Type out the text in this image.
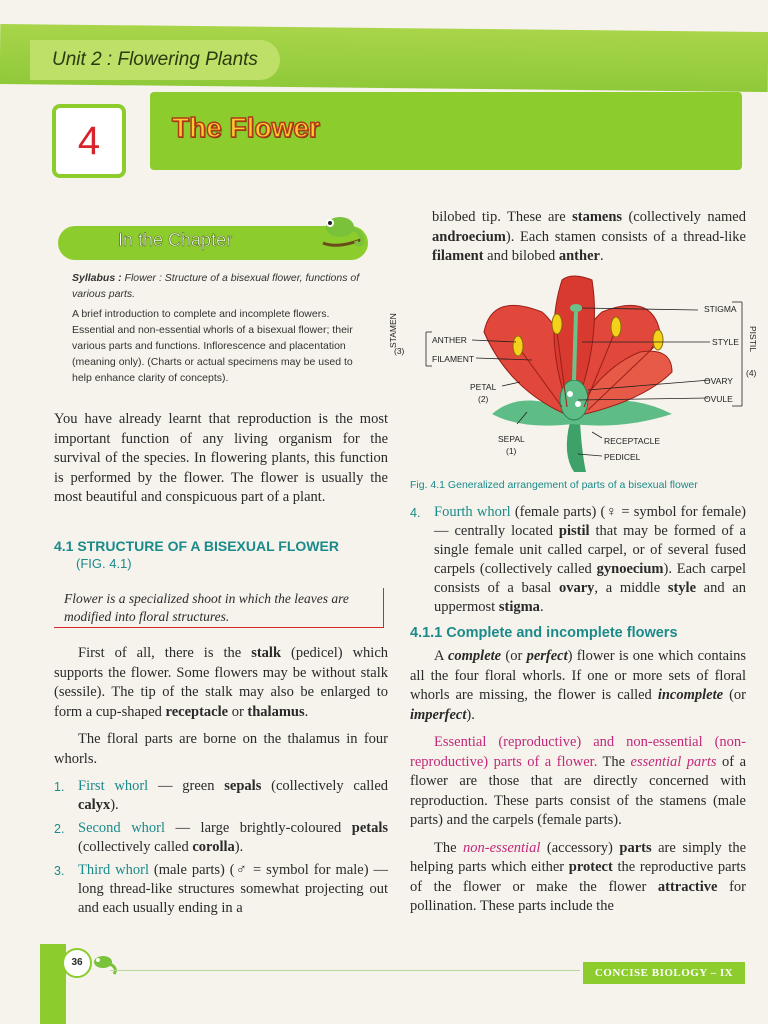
Unit 2 : Flowering Plants
4	The Flower
In the Chapter

Syllabus : Flower : Structure of a bisexual flower, functions of various parts.

A brief introduction to complete and incomplete flowers. Essential and non-essential whorls of a bisexual flower; their various parts and functions. Inflorescence and placentation (meaning only). (Charts or actual specimens may be used to help enhance clarity of concepts).

You have already learnt that reproduction is the most important function of any living organism for the survival of the species. In flowering plants, this function is performed by the flower. The flower is usually the most beautiful and conspicuous part of a plant.

4.1 STRUCTURE OF A BISEXUAL FLOWER

(FIG. 4.1)

Flower is a specialized shoot in which the leaves are modified into floral structures.

First of all, there is the stalk (pedicel) which supports the flower. Some flowers may be without stalk (sessile). The tip of the stalk may also be enlarged to form a cup-shaped receptacle or thalamus.

The floral parts are borne on the thalamus in four whorls.

1. First whorl — green sepals (collectively called calyx).
2. Second whorl — large brightly-coloured petals (collectively called corolla).
3. Third whorl (male parts) (♂ = symbol for male) — long thread-like structures somewhat projecting out and each usually ending in a

bilobed tip. These are stamens (collectively named androecium). Each stamen consists of a thread-like filament and bilobed anther.

STIGMA
STYLE PISTIL
(4)
OVARY
OVULE
ANTHER
FILAMENT
STAMEN
(3)
PETAL
(2)
SEPAL
(1)
RECEPTACLE
PEDICEL
Fig. 4.1 Generalized arrangement of parts of a bisexual flower
4. Fourth whorl (female parts) (♀ = symbol for female) — centrally located pistil that may be formed of a single female unit called carpel, or of several fused carpels (collectively called gynoecium). Each carpel consists of a basal ovary, a middle style and an uppermost stigma.

4.1.1 Complete and incomplete flowers

A complete (or perfect) flower is one which contains all the four floral whorls. If one or more sets of floral whorls are missing, the flower is called incomplete (or imperfect).

Essential (reproductive) and non-essential (non-reproductive) parts of a flower. The essential parts of a flower are those that are directly concerned with reproduction. These parts consist of the stamens (male parts) and the carpels (female parts).

The non-essential (accessory) parts are simply the helping parts which either protect the reproductive parts of the flower or make the flower attractive for pollination. These parts include the

36
CONCISE BIOLOGY – IX
